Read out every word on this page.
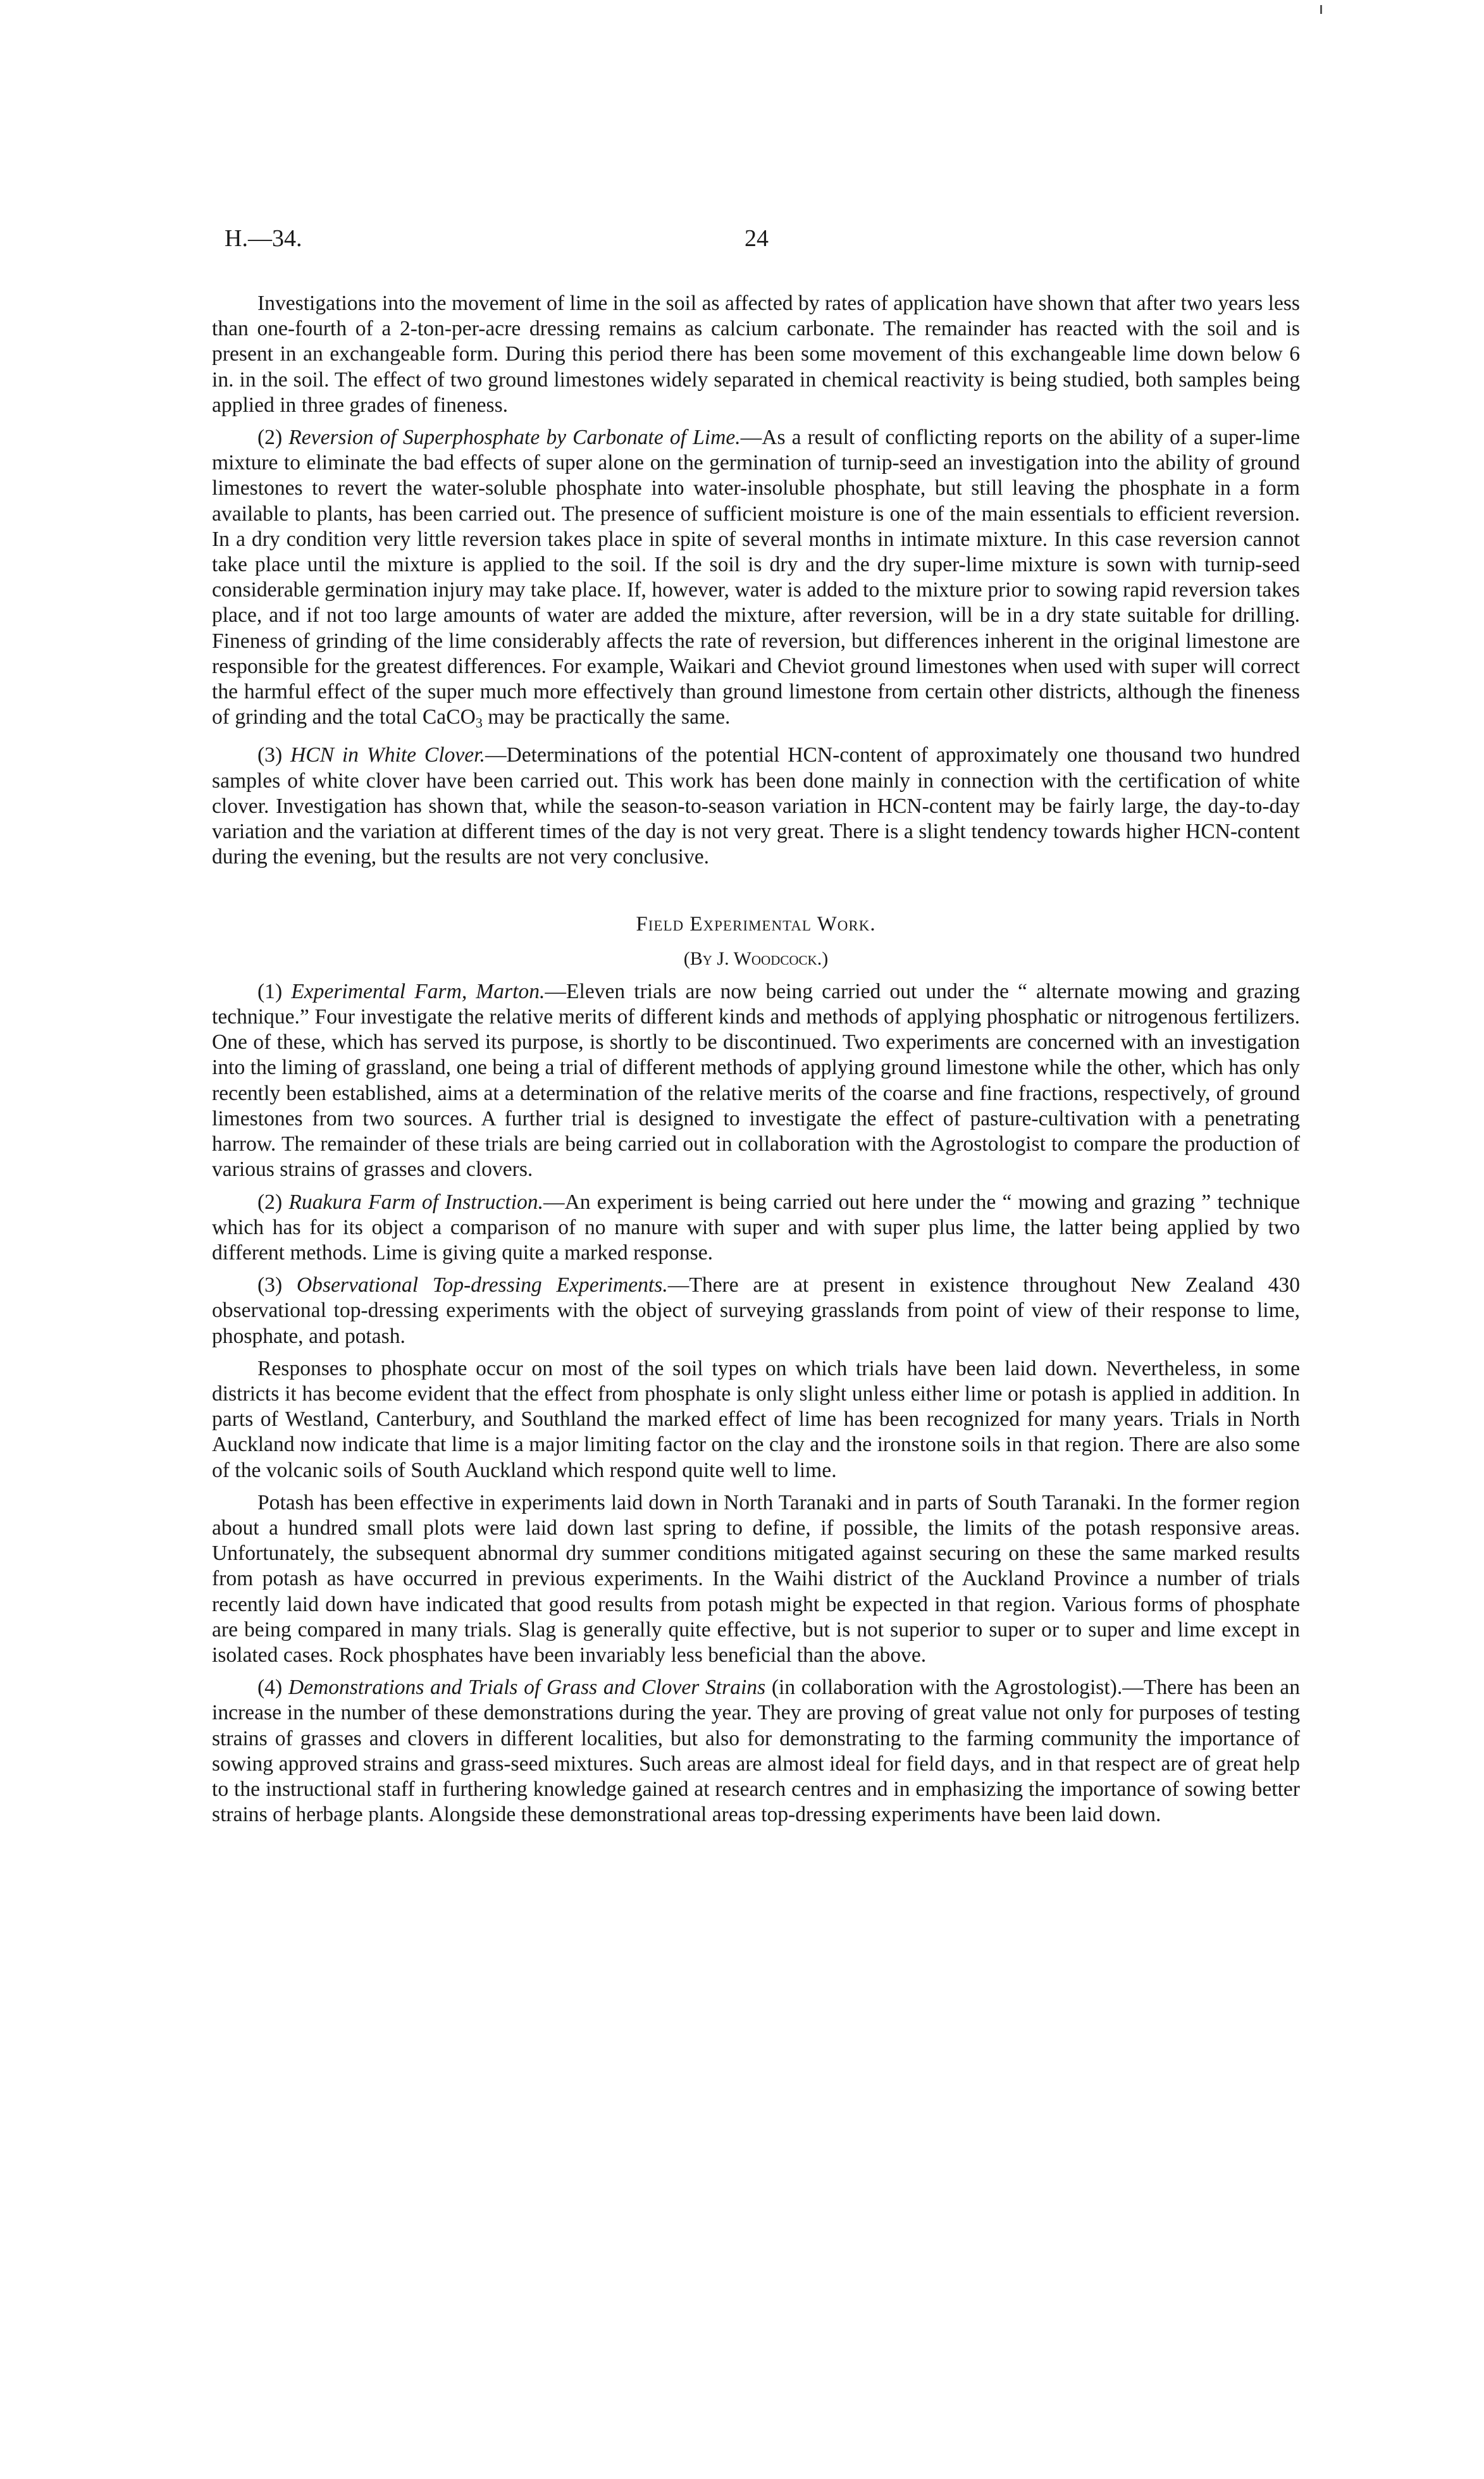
H.—34.	24

Investigations into the movement of lime in the soil as affected by rates of application have shown that after two years less than one-fourth of a 2-ton-per-acre dressing remains as calcium carbonate. The remainder has reacted with the soil and is present in an exchangeable form. During this period there has been some movement of this exchangeable lime down below 6 in. in the soil. The effect of two ground limestones widely separated in chemical reactivity is being studied, both samples being applied in three grades of fineness.

(2) Reversion of Superphosphate by Carbonate of Lime.—As a result of conflicting reports on the ability of a super-lime mixture to eliminate the bad effects of super alone on the germination of turnip-seed an investigation into the ability of ground limestones to revert the water-soluble phosphate into water-insoluble phosphate, but still leaving the phosphate in a form available to plants, has been carried out. The presence of sufficient moisture is one of the main essentials to efficient reversion. In a dry condition very little reversion takes place in spite of several months in intimate mixture. In this case reversion cannot take place until the mixture is applied to the soil. If the soil is dry and the dry super-lime mixture is sown with turnip-seed considerable germination injury may take place. If, however, water is added to the mixture prior to sowing rapid reversion takes place, and if not too large amounts of water are added the mixture, after reversion, will be in a dry state suitable for drilling. Fineness of grinding of the lime considerably affects the rate of reversion, but differences inherent in the original limestone are responsible for the greatest differences. For example, Waikari and Cheviot ground limestones when used with super will correct the harmful effect of the super much more effectively than ground limestone from certain other districts, although the fineness of grinding and the total CaCO3 may be practically the same.

(3) HCN in White Clover.—Determinations of the potential HCN-content of approximately one thousand two hundred samples of white clover have been carried out. This work has been done mainly in connection with the certification of white clover. Investigation has shown that, while the season-to-season variation in HCN-content may be fairly large, the day-to-day variation and the variation at different times of the day is not very great. There is a slight tendency towards higher HCN-content during the evening, but the results are not very conclusive.

Field Experimental Work.
(By J. Woodcock.)

(1) Experimental Farm, Marton.—Eleven trials are now being carried out under the “ alternate mowing and grazing technique.” Four investigate the relative merits of different kinds and methods of applying phosphatic or nitrogenous fertilizers. One of these, which has served its purpose, is shortly to be discontinued. Two experiments are concerned with an investigation into the liming of grassland, one being a trial of different methods of applying ground limestone while the other, which has only recently been established, aims at a determination of the relative merits of the coarse and fine fractions, respectively, of ground limestones from two sources. A further trial is designed to investigate the effect of pasture-cultivation with a penetrating harrow. The remainder of these trials are being carried out in collaboration with the Agrostologist to compare the production of various strains of grasses and clovers.

(2) Ruakura Farm of Instruction.—An experiment is being carried out here under the “ mowing and grazing ” technique which has for its object a comparison of no manure with super and with super plus lime, the latter being applied by two different methods. Lime is giving quite a marked response.

(3) Observational Top-dressing Experiments.—There are at present in existence throughout New Zealand 430 observational top-dressing experiments with the object of surveying grasslands from point of view of their response to lime, phosphate, and potash.

Responses to phosphate occur on most of the soil types on which trials have been laid down. Nevertheless, in some districts it has become evident that the effect from phosphate is only slight unless either lime or potash is applied in addition. In parts of Westland, Canterbury, and Southland the marked effect of lime has been recognized for many years. Trials in North Auckland now indicate that lime is a major limiting factor on the clay and the ironstone soils in that region. There are also some of the volcanic soils of South Auckland which respond quite well to lime.

Potash has been effective in experiments laid down in North Taranaki and in parts of South Taranaki. In the former region about a hundred small plots were laid down last spring to define, if possible, the limits of the potash responsive areas. Unfortunately, the subsequent abnormal dry summer conditions mitigated against securing on these the same marked results from potash as have occurred in previous experiments. In the Waihi district of the Auckland Province a number of trials recently laid down have indicated that good results from potash might be expected in that region. Various forms of phosphate are being compared in many trials. Slag is generally quite effective, but is not superior to super or to super and lime except in isolated cases. Rock phosphates have been invariably less beneficial than the above.

(4) Demonstrations and Trials of Grass and Clover Strains (in collaboration with the Agrostologist).—There has been an increase in the number of these demonstrations during the year. They are proving of great value not only for purposes of testing strains of grasses and clovers in different localities, but also for demonstrating to the farming community the importance of sowing approved strains and grass-seed mixtures. Such areas are almost ideal for field days, and in that respect are of great help to the instructional staff in furthering knowledge gained at research centres and in emphasizing the importance of sowing better strains of herbage plants. Alongside these demonstrational areas top-dressing experiments have been laid down.
